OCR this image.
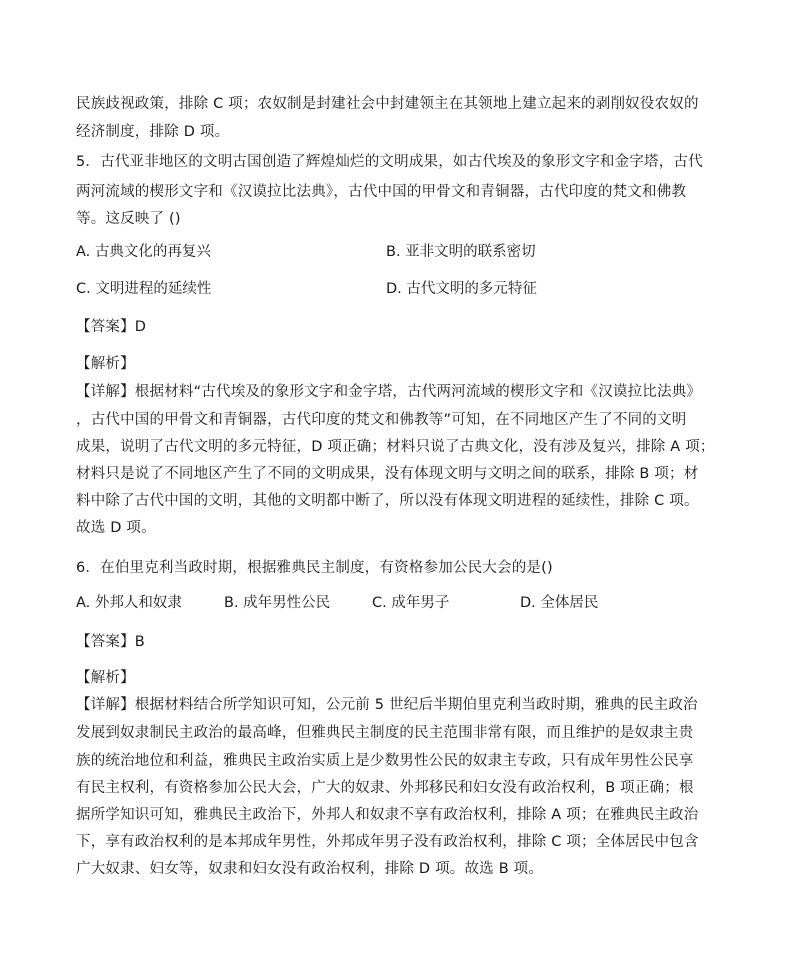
民族歧视政策，排除 C 项；农奴制是封建社会中封建领主在其领地上建立起来的剥削奴役农奴的
经济制度，排除 D 项。
5．古代亚非地区的文明古国创造了辉煌灿烂的文明成果，如古代埃及的象形文字和金字塔，古代
两河流域的楔形文字和《汉谟拉比法典》，古代中国的甲骨文和青铜器，古代印度的梵文和佛教
等。这反映了 ()
A. 古典文化的再复兴	B. 亚非文明的联系密切
C. 文明进程的延续性	D. 古代文明的多元特征
【答案】D
【解析】
【详解】根据材料“古代埃及的象形文字和金字塔，古代两河流域的楔形文字和《汉谟拉比法典》
，古代中国的甲骨文和青铜器，古代印度的梵文和佛教等”可知，在不同地区产生了不同的文明
成果，说明了古代文明的多元特征，D 项正确；材料只说了古典文化，没有涉及复兴，排除 A 项；
材料只是说了不同地区产生了不同的文明成果，没有体现文明与文明之间的联系，排除 B 项；材
料中除了古代中国的文明，其他的文明都中断了，所以没有体现文明进程的延续性，排除 C 项。
故选 D 项。
6．在伯里克利当政时期，根据雅典民主制度，有资格参加公民大会的是()
A. 外邦人和奴隶	B. 成年男性公民	C. 成年男子	D. 全体居民
【答案】B
【解析】
【详解】根据材料结合所学知识可知，公元前 5 世纪后半期伯里克利当政时期，雅典的民主政治
发展到奴隶制民主政治的最高峰，但雅典民主制度的民主范围非常有限，而且维护的是奴隶主贵
族的统治地位和利益，雅典民主政治实质上是少数男性公民的奴隶主专政，只有成年男性公民享
有民主权利，有资格参加公民大会，广大的奴隶、外邦移民和妇女没有政治权利，B 项正确；根
据所学知识可知，雅典民主政治下，外邦人和奴隶不享有政治权利，排除 A 项；在雅典民主政治
下，享有政治权利的是本邦成年男性，外邦成年男子没有政治权利，排除 C 项；全体居民中包含
广大奴隶、妇女等，奴隶和妇女没有政治权利，排除 D 项。故选 B 项。
